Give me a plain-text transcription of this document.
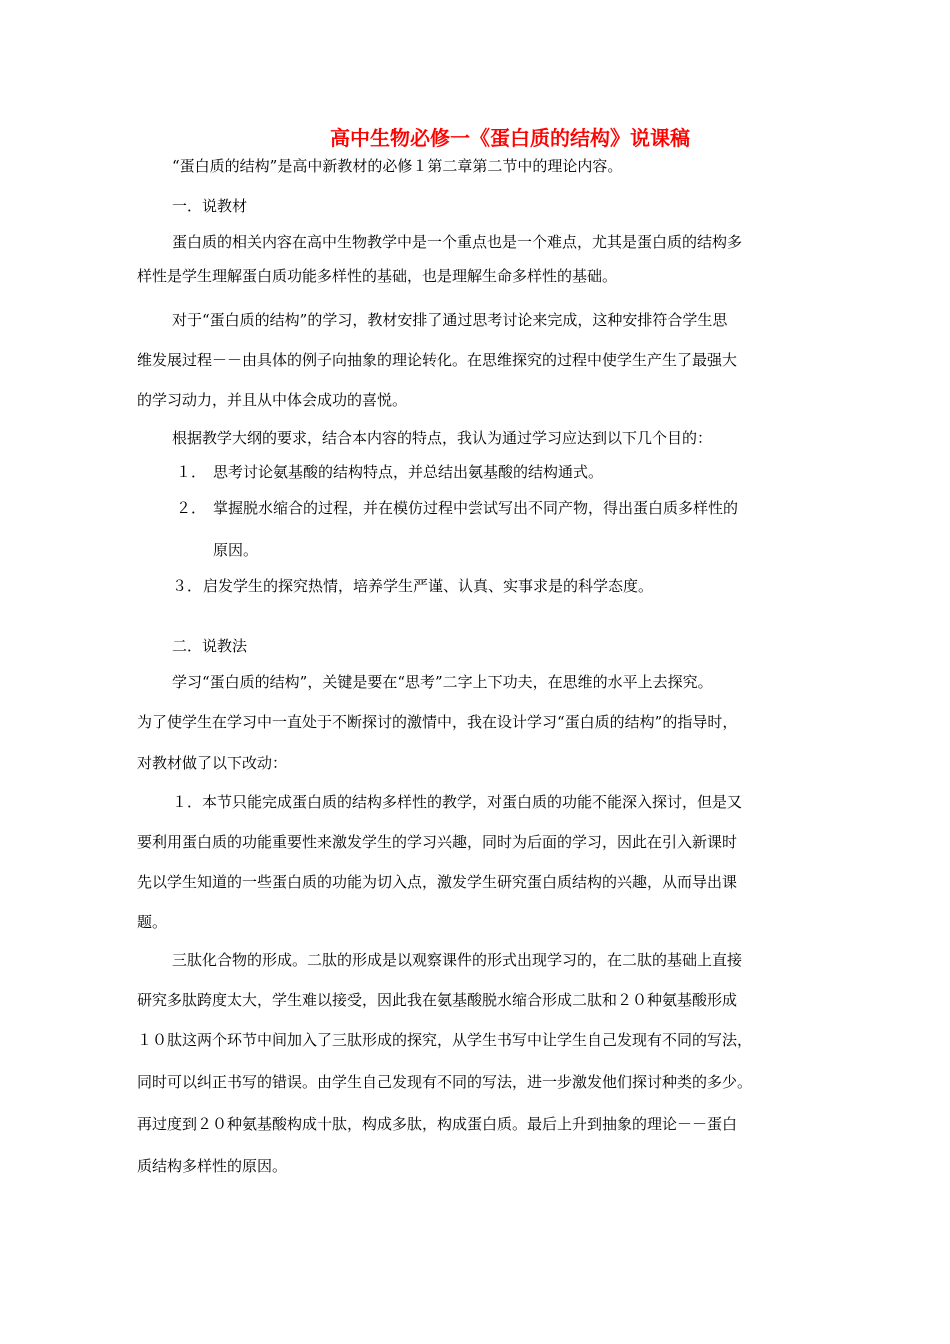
高中生物必修一《蛋白质的结构》说课稿
“蛋白质的结构”是高中新教材的必修１第二章第二节中的理论内容。
一．说教材
蛋白质的相关内容在高中生物教学中是一个重点也是一个难点，尤其是蛋白质的结构多
样性是学生理解蛋白质功能多样性的基础，也是理解生命多样性的基础。
对于“蛋白质的结构”的学习，教材安排了通过思考讨论来完成，这种安排符合学生思
维发展过程－－由具体的例子向抽象的理论转化。在思维探究的过程中使学生产生了最强大
的学习动力，并且从中体会成功的喜悦。
根据教学大纲的要求，结合本内容的特点，我认为通过学习应达到以下几个目的：
１． 思考讨论氨基酸的结构特点，并总结出氨基酸的结构通式。
２． 掌握脱水缩合的过程，并在模仿过程中尝试写出不同产物，得出蛋白质多样性的
原因。
３． 启发学生的探究热情，培养学生严谨、认真、实事求是的科学态度。
二．说教法
学习“蛋白质的结构”，关键是要在“思考”二字上下功夫，在思维的水平上去探究。
为了使学生在学习中一直处于不断探讨的激情中，我在设计学习“蛋白质的结构”的指导时，
对教材做了以下改动：
１．本节只能完成蛋白质的结构多样性的教学，对蛋白质的功能不能深入探讨，但是又
要利用蛋白质的功能重要性来激发学生的学习兴趣，同时为后面的学习，因此在引入新课时
先以学生知道的一些蛋白质的功能为切入点，激发学生研究蛋白质结构的兴趣，从而导出课
题。
三肽化合物的形成。二肽的形成是以观察课件的形式出现学习的，在二肽的基础上直接
研究多肽跨度太大，学生难以接受，因此我在氨基酸脱水缩合形成二肽和２０种氨基酸形成
１０肽这两个环节中间加入了三肽形成的探究，从学生书写中让学生自己发现有不同的写法，
同时可以纠正书写的错误。由学生自己发现有不同的写法，进一步激发他们探讨种类的多少。
再过度到２０种氨基酸构成十肽，构成多肽，构成蛋白质。最后上升到抽象的理论－－蛋白
质结构多样性的原因。
